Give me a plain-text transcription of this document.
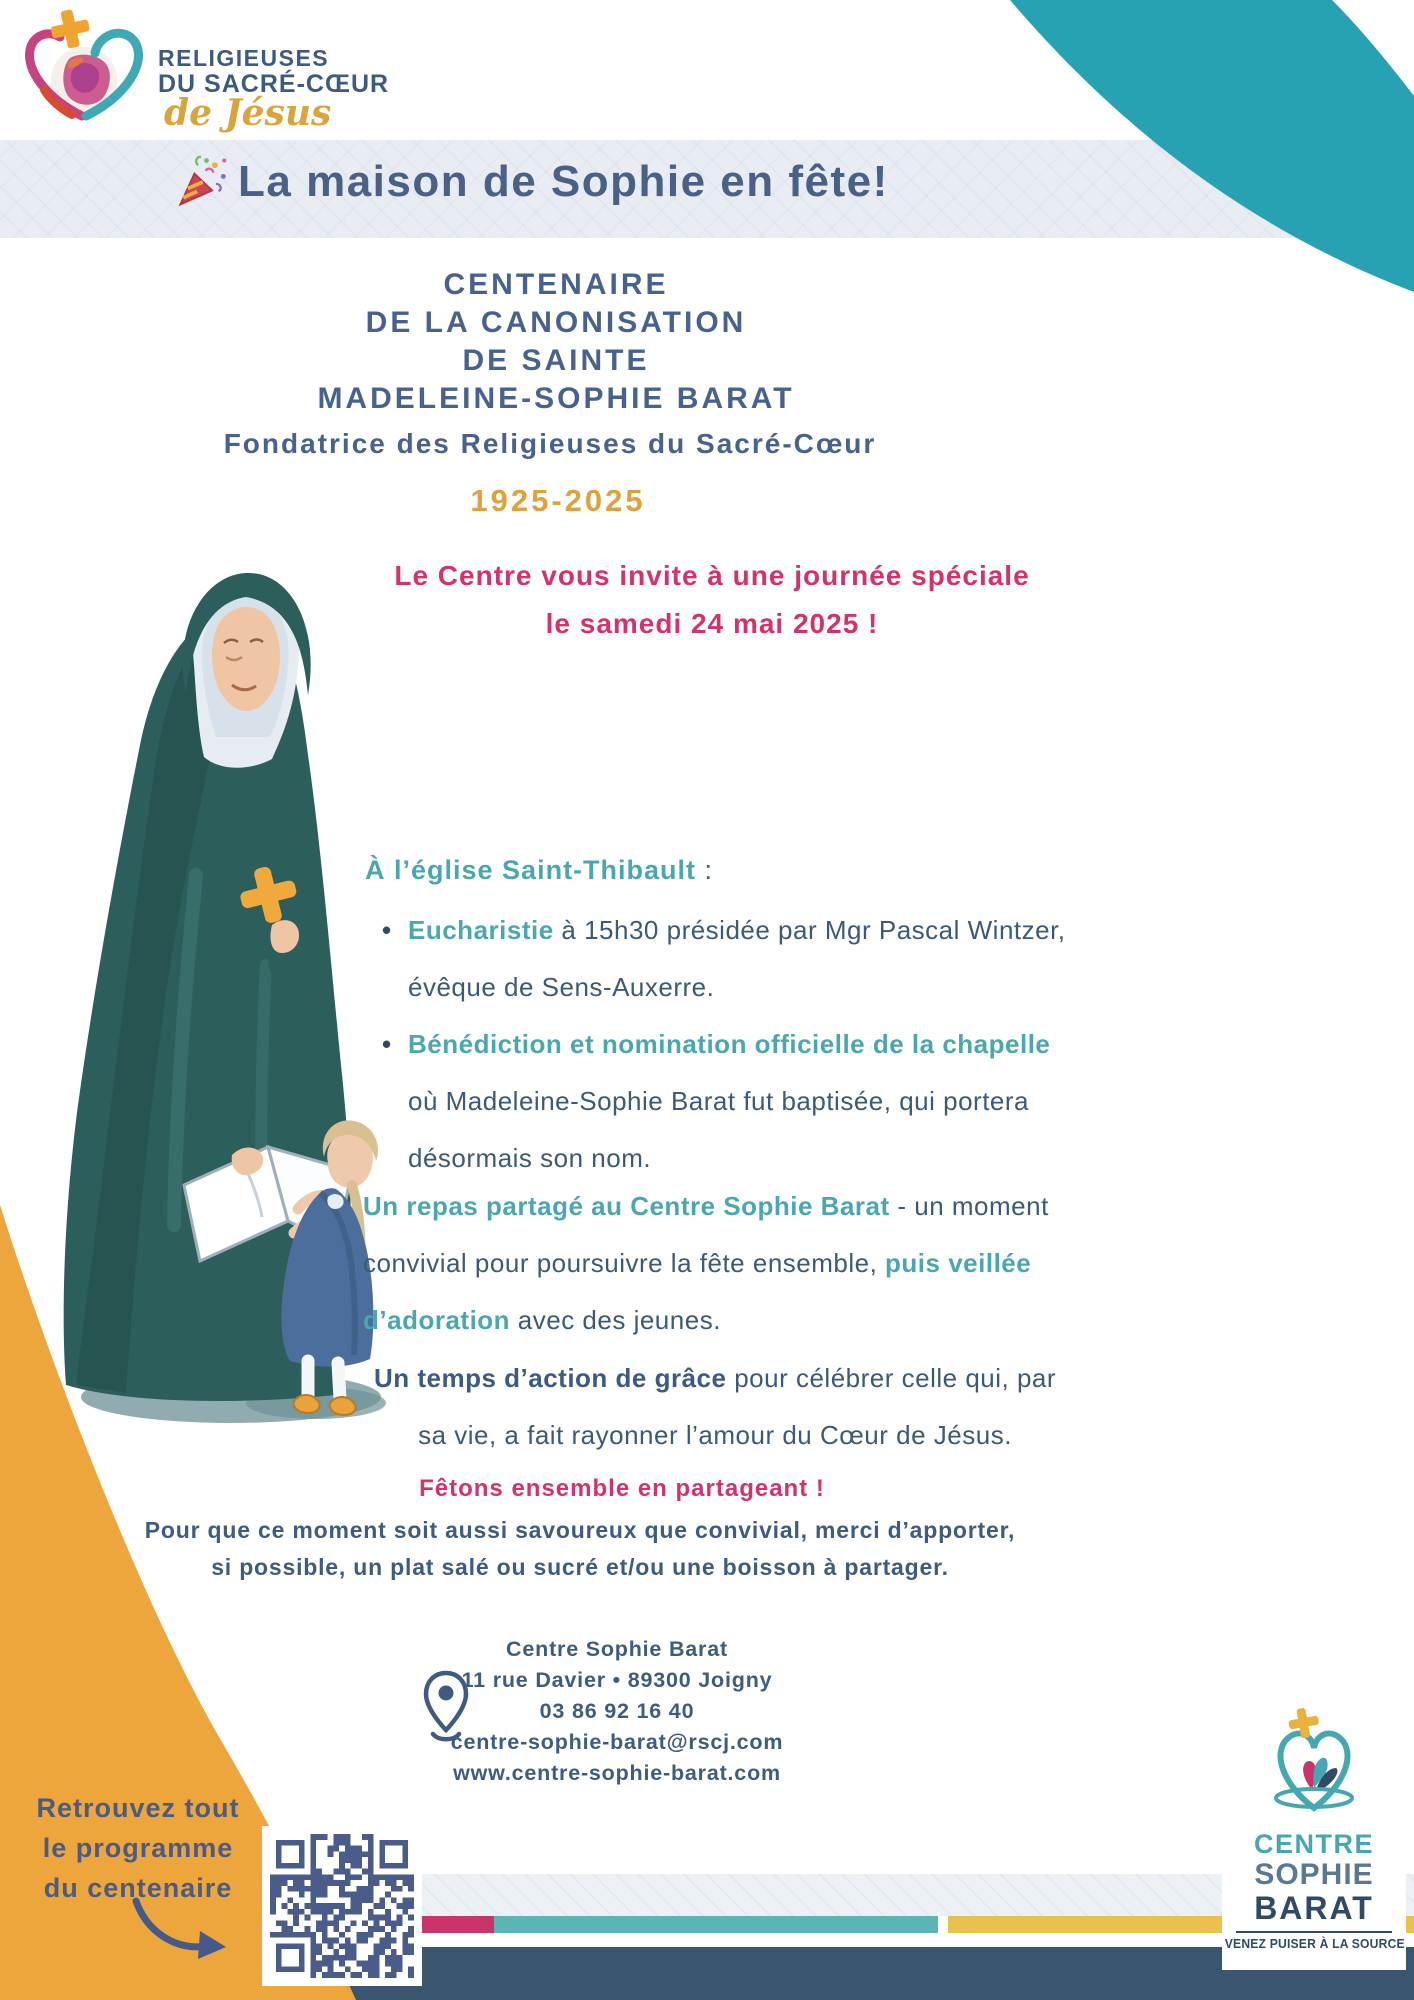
RELIGIEUSES
DU SACRÉ-CŒUR
de Jésus
La maison de Sophie en fête!
CENTENAIRE
DE LA CANONISATION
DE SAINTE
MADELEINE-SOPHIE BARAT
Fondatrice des Religieuses du Sacré-Cœur
1925-2025
Le Centre vous invite à une journée spéciale
le samedi 24 mai 2025 !
À l’église Saint-Thibault :
• Eucharistie à 15h30 présidée par Mgr Pascal Wintzer, évêque de Sens-Auxerre.
• Bénédiction et nomination officielle de la chapelle où Madeleine-Sophie Barat fut baptisée, qui portera désormais son nom.
Un repas partagé au Centre Sophie Barat - un moment convivial pour poursuivre la fête ensemble, puis veillée d’adoration avec des jeunes.
Un temps d’action de grâce pour célébrer celle qui, par sa vie, a fait rayonner l’amour du Cœur de Jésus.
Fêtons ensemble en partageant !
Pour que ce moment soit aussi savoureux que convivial, merci d’apporter,
si possible, un plat salé ou sucré et/ou une boisson à partager.
Centre Sophie Barat
11 rue Davier • 89300 Joigny
03 86 92 16 40
centre-sophie-barat@rscj.com
www.centre-sophie-barat.com
Retrouvez tout
le programme
du centenaire
CENTRE
SOPHIE
BARAT
VENEZ PUISER À LA SOURCE
